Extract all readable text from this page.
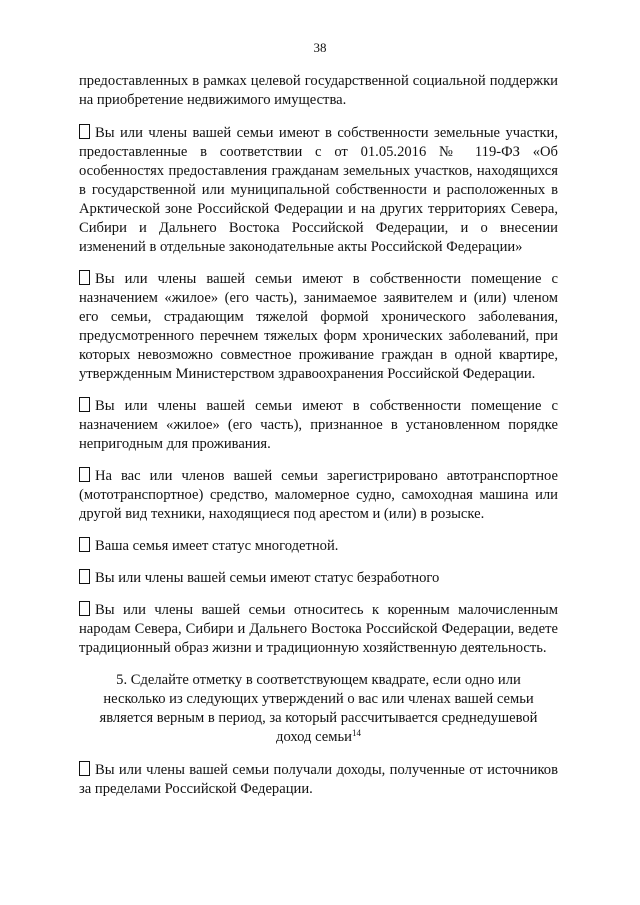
38

предоставленных в рамках целевой государственной социальной поддержки на приобретение недвижимого имущества.

Вы или члены вашей семьи имеют в собственности земельные участки, предоставленные в соответствии с от 01.05.2016 № 119-ФЗ «Об особенностях предоставления гражданам земельных участков, находящихся в государственной или муниципальной собственности и расположенных в Арктической зоне Российской Федерации и на других территориях Севера, Сибири и Дальнего Востока Российской Федерации, и о внесении изменений в отдельные законодательные акты Российской Федерации»

Вы или члены вашей семьи имеют в собственности помещение с назначением «жилое» (его часть), занимаемое заявителем и (или) членом его семьи, страдающим тяжелой формой хронического заболевания, предусмотренного перечнем тяжелых форм хронических заболеваний, при которых невозможно совместное проживание граждан в одной квартире, утвержденным Министерством здравоохранения Российской Федерации.

Вы или члены вашей семьи имеют в собственности помещение с назначением «жилое» (его часть), признанное в установленном порядке непригодным для проживания.

На вас или членов вашей семьи зарегистрировано автотранспортное (мототранспортное) средство, маломерное судно, самоходная машина или другой вид техники, находящиеся под арестом и (или) в розыске.

Ваша семья имеет статус многодетной.

Вы или члены вашей семьи имеют статус безработного

Вы или члены вашей семьи относитесь к коренным малочисленным народам Севера, Сибири и Дальнего Востока Российской Федерации, ведете традиционный образ жизни и традиционную хозяйственную деятельность.

5. Сделайте отметку в соответствующем квадрате, если одно или несколько из следующих утверждений о вас или членах вашей семьи является верным в период, за который рассчитывается среднедушевой доход семьи$^{14}$

Вы или члены вашей семьи получали доходы, полученные от источников за пределами Российской Федерации.
